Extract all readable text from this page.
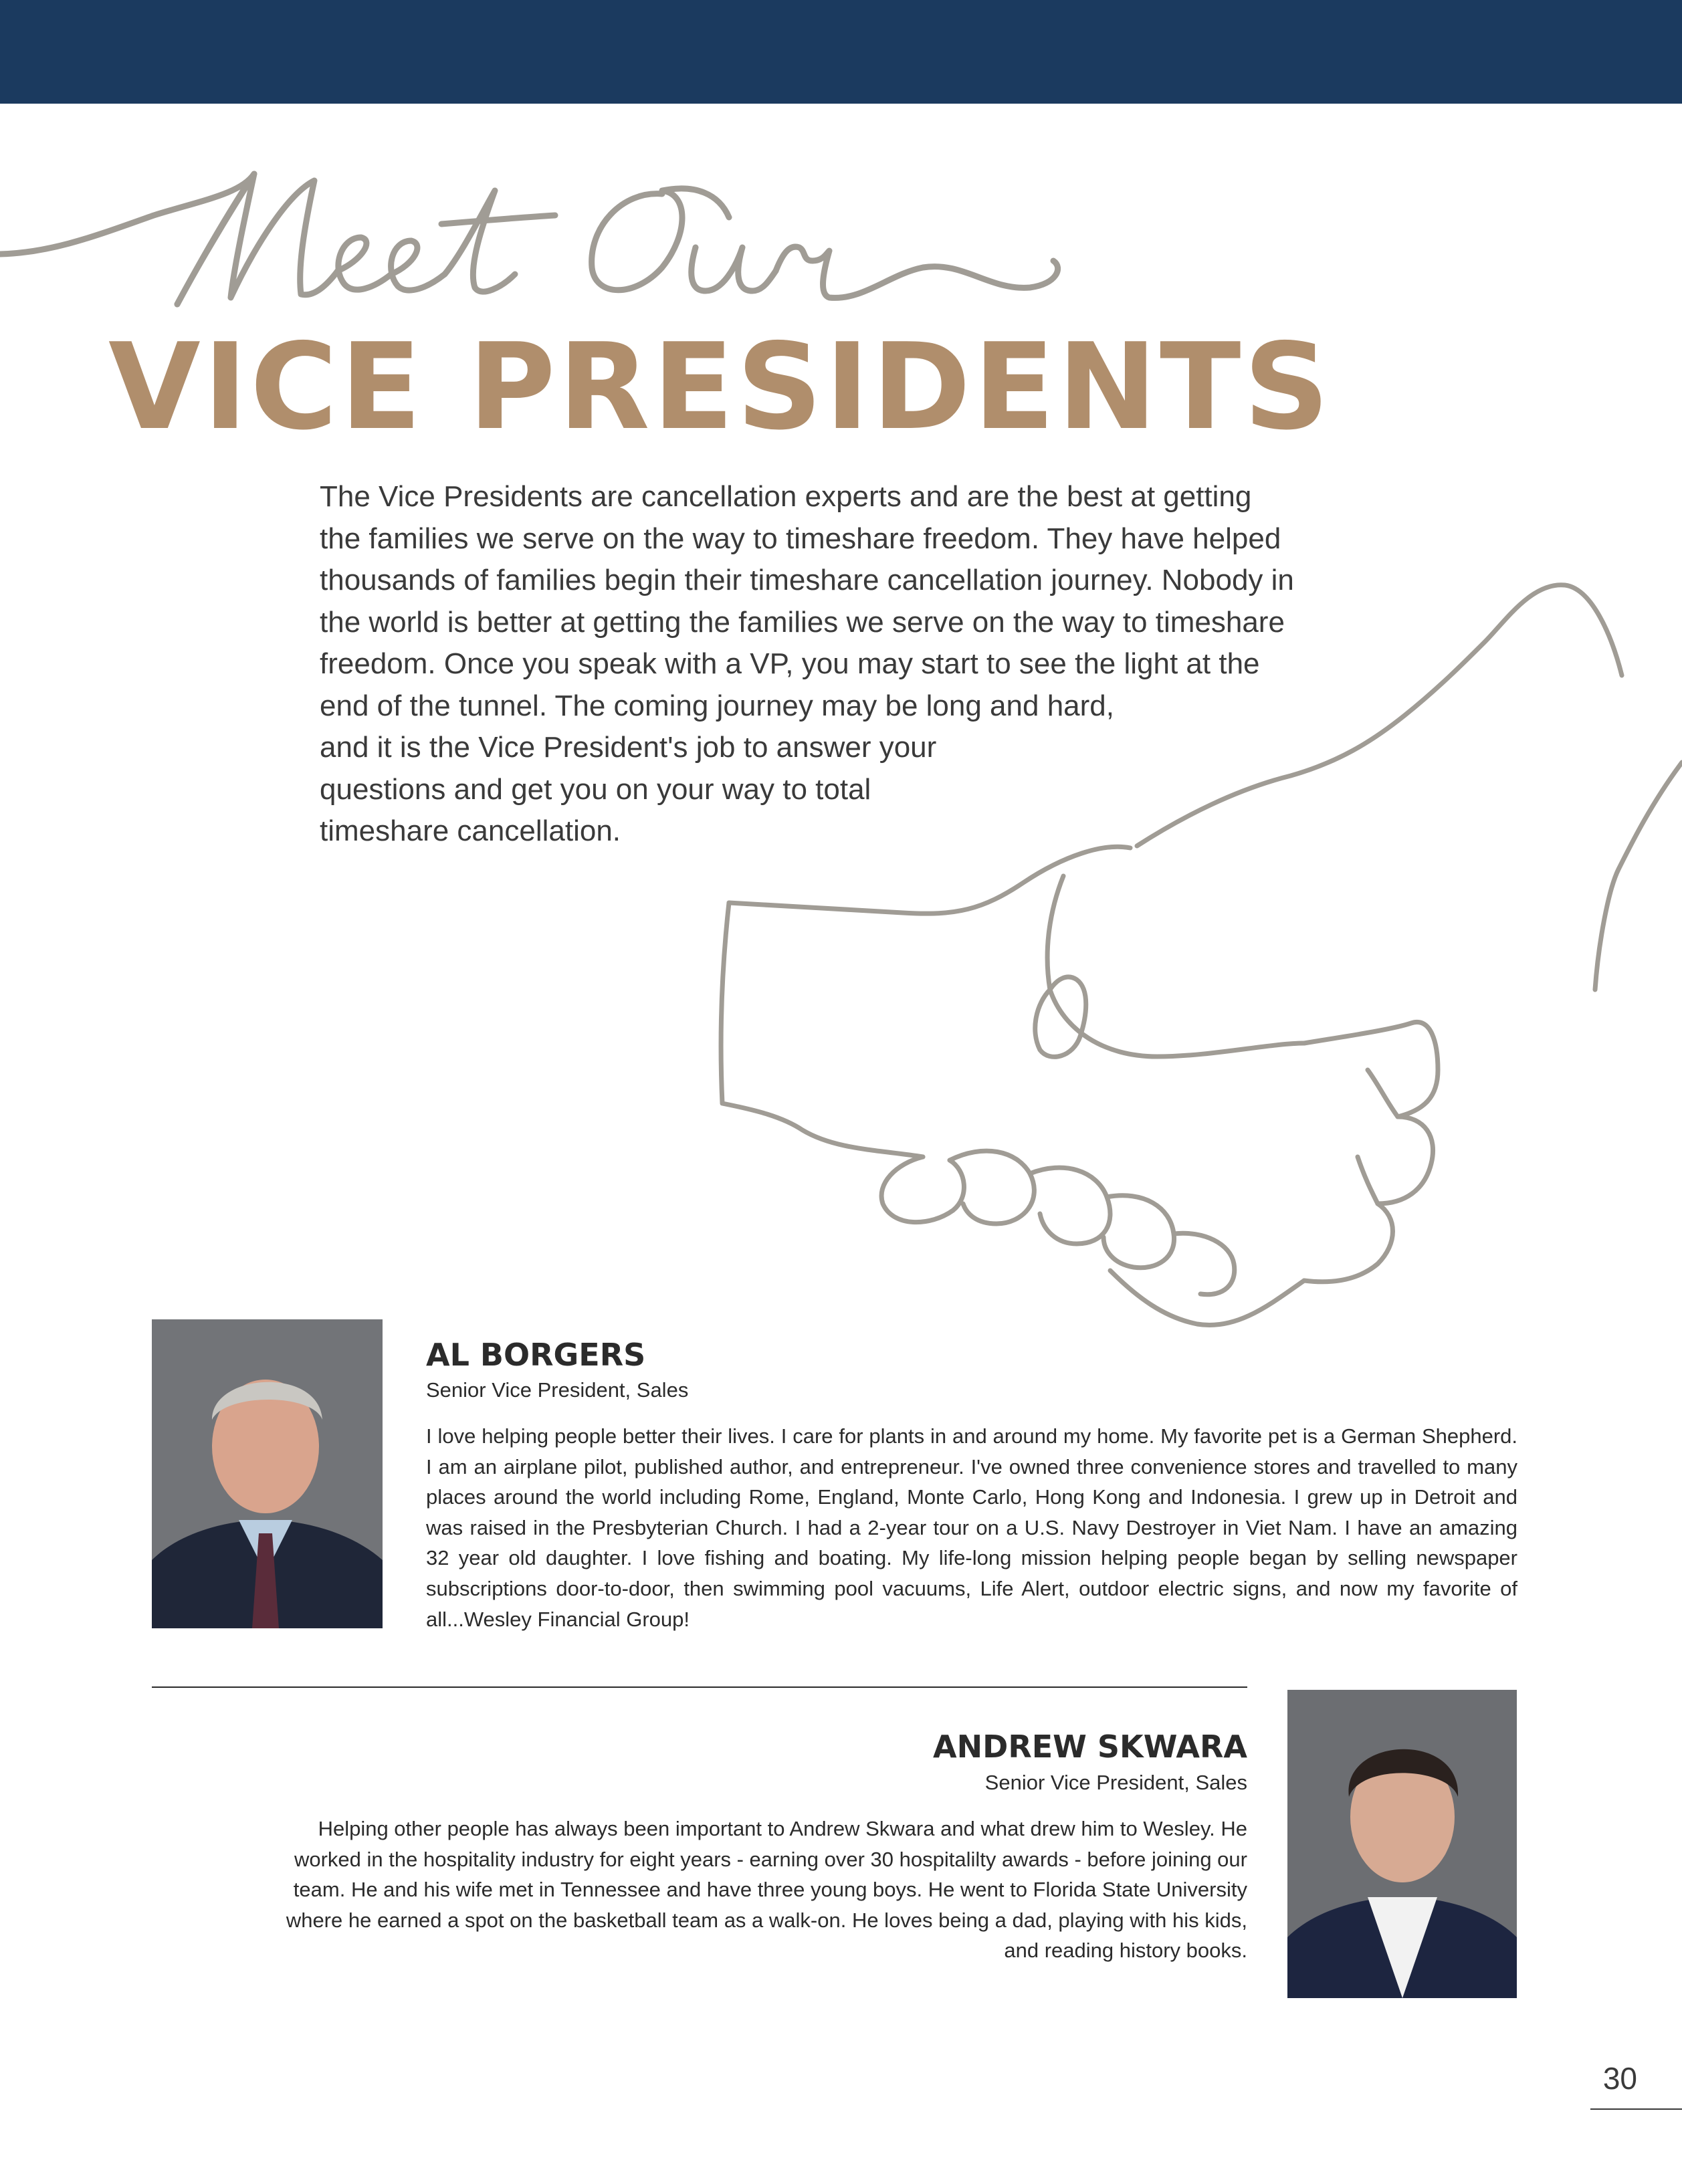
VICE PRESIDENTS
The Vice Presidents are cancellation experts and are the best at getting
the families we serve on the way to timeshare freedom. They have helped
thousands of families begin their timeshare cancellation journey. Nobody in
the world is better at getting the families we serve on the way to timeshare
freedom. Once you speak with a VP, you may start to see the light at the
end of the tunnel. The coming journey may be long and hard,
and it is the Vice President's job to answer your
questions and get you on your way to total
timeshare cancellation.
AL BORGERS
Senior Vice President, Sales
I love helping people better their lives. I care for plants in and around my home. My favorite pet is a German Shepherd. I am an airplane pilot, published author, and entrepreneur. I've owned three convenience stores and travelled to many places around the world including Rome, England, Monte Carlo, Hong Kong and Indonesia. I grew up in Detroit and was raised in the Presbyterian Church. I had a 2-year tour on a U.S. Navy Destroyer in Viet Nam. I have an amazing 32 year old daughter. I love fishing and boating. My life-long mission helping people began by selling newspaper subscriptions door-to-door, then swimming pool vacuums, Life Alert, outdoor electric signs, and now my favorite of all...Wesley Financial Group!
ANDREW SKWARA
Senior Vice President, Sales
Helping other people has always been important to Andrew Skwara and what drew him to Wesley. He
worked in the hospitality industry for eight years - earning over 30 hospitalilty awards - before joining our
team. He and his wife met in Tennessee and have three young boys. He went to Florida State University
where he earned a spot on the basketball team as a walk-on. He loves being a dad, playing with his kids,
and reading history books.
30
